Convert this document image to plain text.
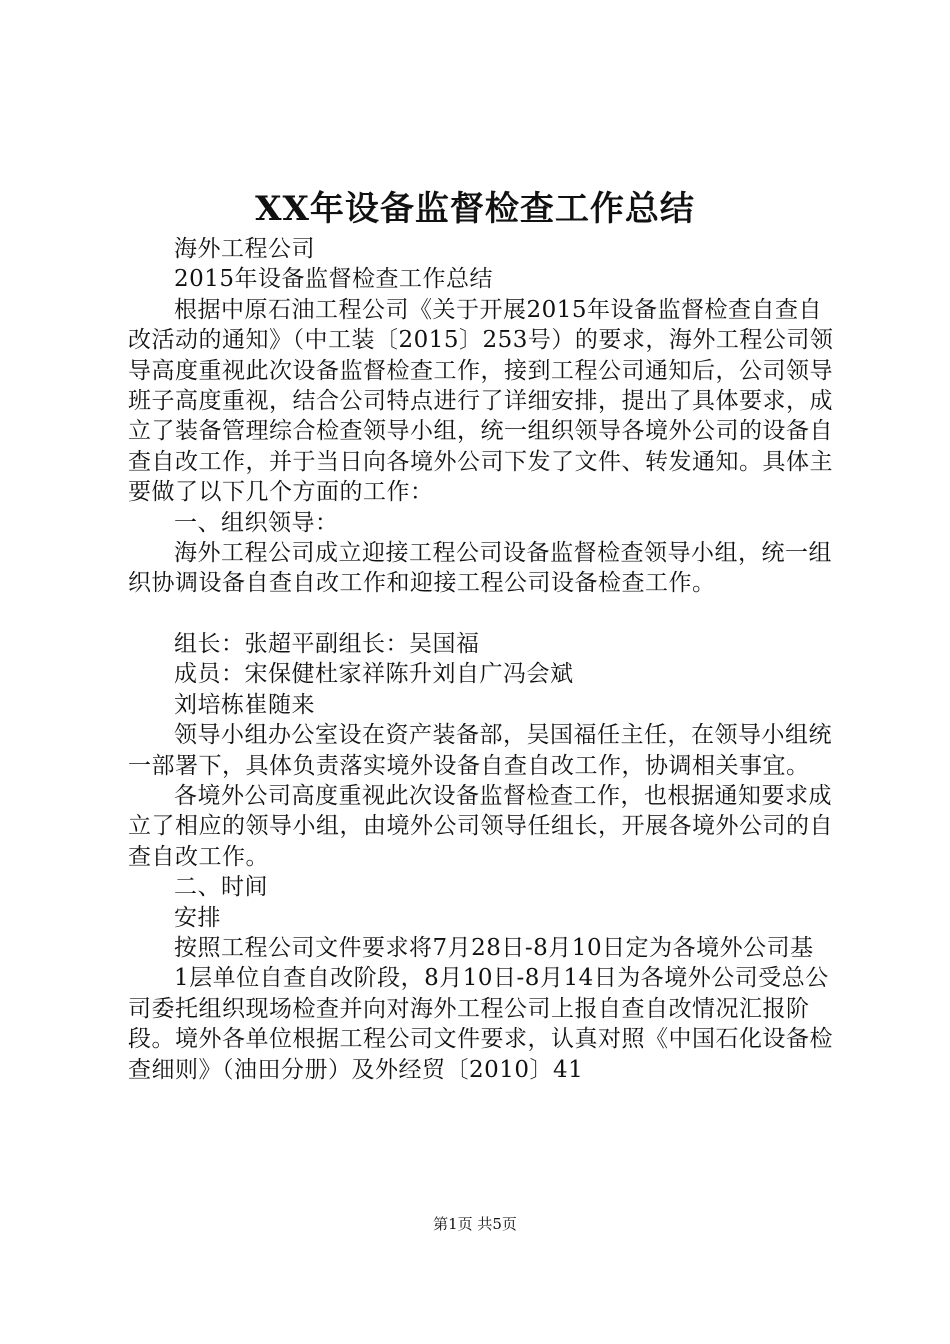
XX年设备监督检查工作总结

海外工程公司

2015年设备监督检查工作总结

根据中原石油工程公司《关于开展2015年设备监督检查自查自改活动的通知》（中工装〔2015〕253号）的要求，海外工程公司领导高度重视此次设备监督检查工作，接到工程公司通知后，公司领导班子高度重视，结合公司特点进行了详细安排，提出了具体要求，成立了装备管理综合检查领导小组，统一组织领导各境外公司的设备自查自改工作，并于当日向各境外公司下发了文件、转发通知。具体主要做了以下几个方面的工作：

一、组织领导：

海外工程公司成立迎接工程公司设备监督检查领导小组，统一组织协调设备自查自改工作和迎接工程公司设备检查工作。

组长：张超平副组长：吴国福

成员：宋保健杜家祥陈升刘自广冯会斌

刘培栋崔随来

领导小组办公室设在资产装备部，吴国福任主任，在领导小组统一部署下，具体负责落实境外设备自查自改工作，协调相关事宜。

各境外公司高度重视此次设备监督检查工作，也根据通知要求成立了相应的领导小组，由境外公司领导任组长，开展各境外公司的自查自改工作。

二、时间

安排

按照工程公司文件要求将7月28日-8月10日定为各境外公司基

1层单位自查自改阶段，8月10日-8月14日为各境外公司受总公司委托组织现场检查并向对海外工程公司上报自查自改情况汇报阶段。境外各单位根据工程公司文件要求，认真对照《中国石化设备检查细则》（油田分册）及外经贸〔2010〕41

第1页 共5页
